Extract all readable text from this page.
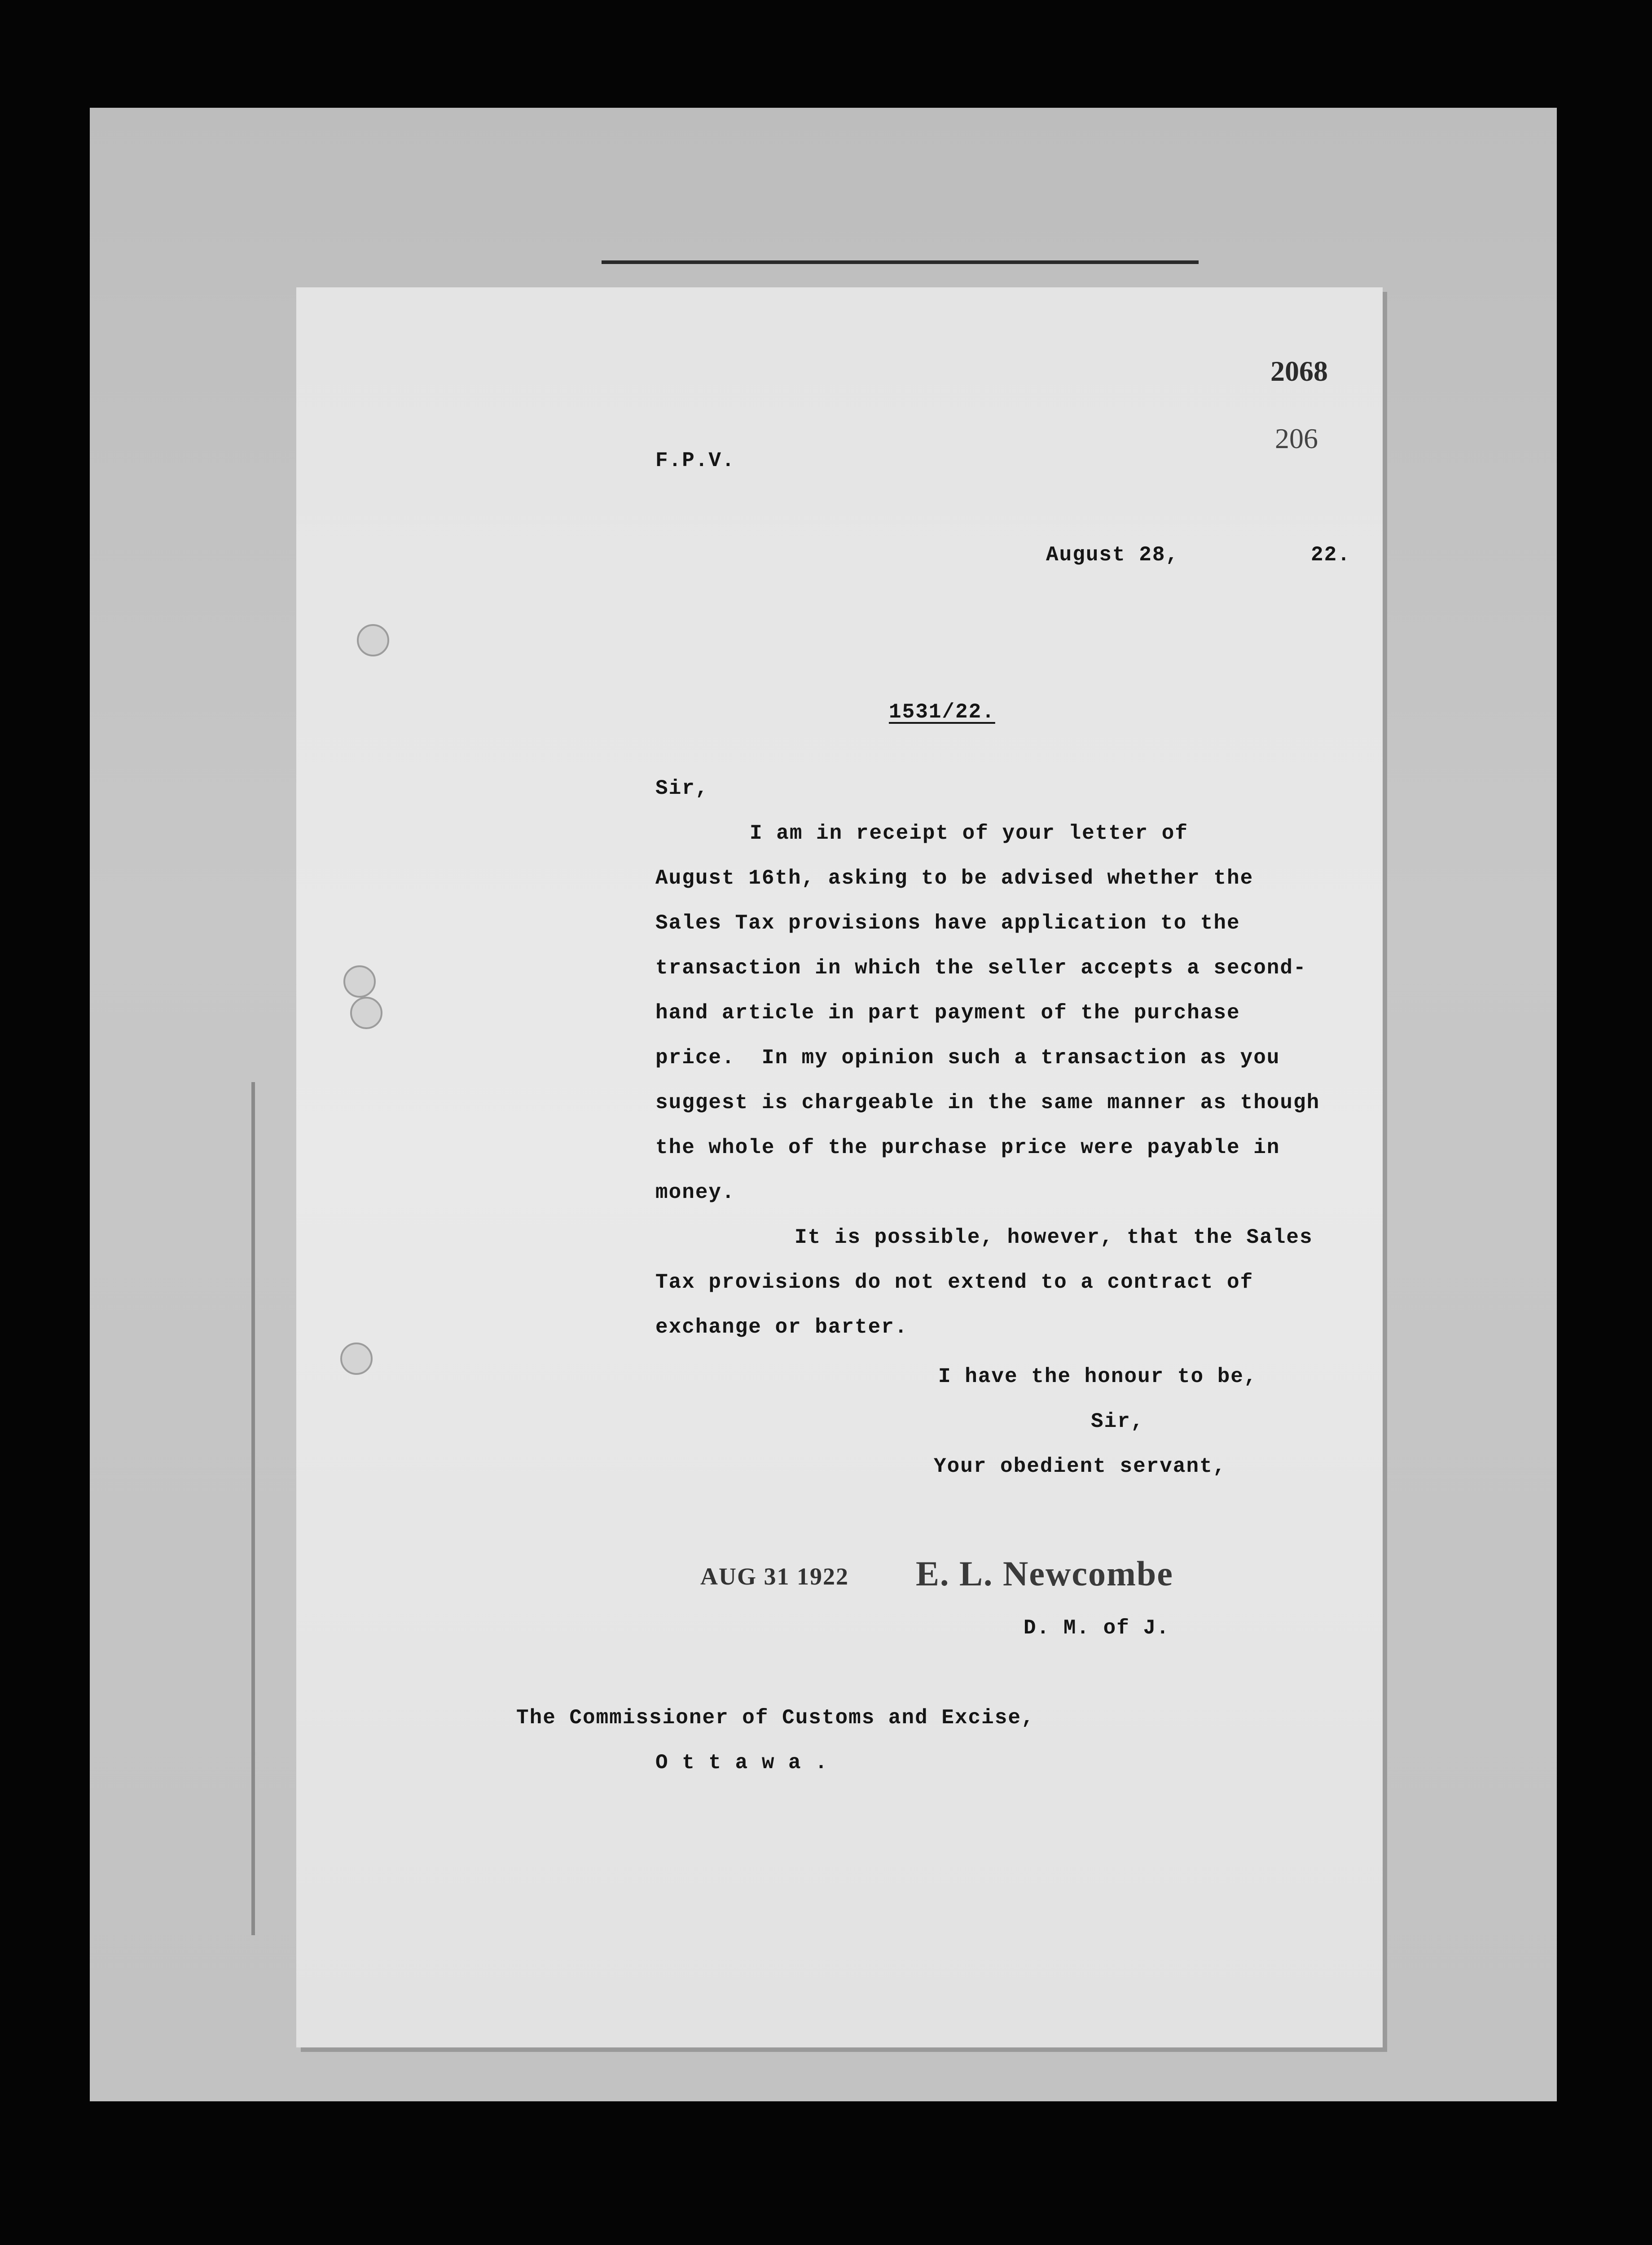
2068
206
F.P.V.
August 28,	22.
1531/22.
Sir,
I am in receipt of your letter of
August 16th, asking to be advised whether the
Sales Tax provisions have application to the
transaction in which the seller accepts a second-
hand article in part payment of the purchase
price.  In my opinion such a transaction as you
suggest is chargeable in the same manner as though
the whole of the purchase price were payable in
money.
It is possible, however, that the Sales
Tax provisions do not extend to a contract of
exchange or barter.
I have the honour to be,
Sir,
Your obedient servant,
AUG 31 1922 E. L. Newcombe
D. M. of J.
The Commissioner of Customs and Excise,
O t t a w a .
